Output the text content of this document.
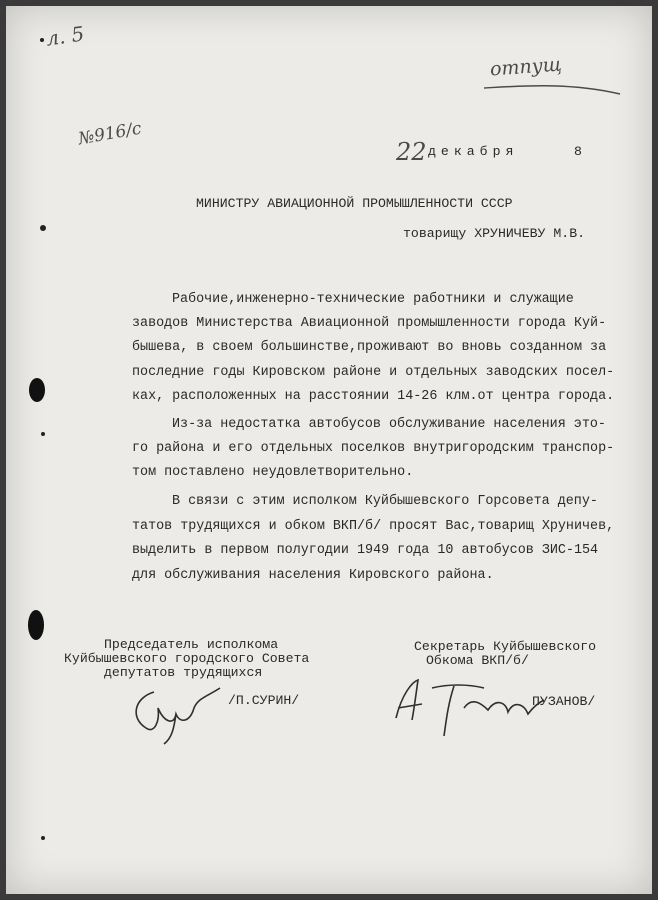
л. 5
№916/с
отпущ
22 декабря	8
МИНИСТРУ АВИАЦИОННОЙ ПРОМЫШЛЕННОСТИ СССР
товарищу ХРУНИЧЕВУ М.В.
Рабочие,инженерно-технические работники и служащие
заводов Министерства Авиационной промышленности города Куй-
бышева, в своем большинстве,проживают во вновь созданном за
последние годы Кировском районе и отдельных заводских посел-
ках, расположенных на расстоянии 14-26 клм.от центра города.
Из-за недостатка автобусов обслуживание населения это-
го района и его отдельных поселков внутригородским транспор-
том поставлено неудовлетворительно.
В связи с этим исполком Куйбышевского Горсовета депу-
татов трудящихся и обком ВКП/б/ просят Вас,товарищ Хруничев,
выделить в первом полугодии 1949 года 10 автобусов ЗИС-154
для обслуживания населения Кировского района.
Председатель исполкома
Куйбышевского городского Совета
депутатов трудящихся
/П.СУРИН/
Секретарь Куйбышевского
Обкома ВКП/б/
ПУЗАНОВ/
